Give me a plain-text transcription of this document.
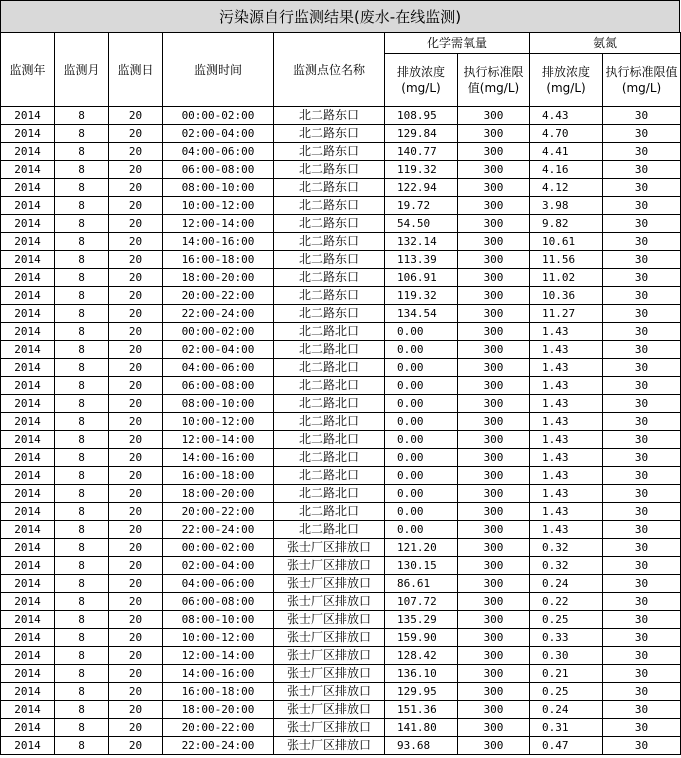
污染源自行监测结果(废水-在线监测)
监测年	监测月	监测日	监测时间	监测点位名称	化学需氧量		氨氮	
					排放浓度(mg/L)	执行标准限值(mg/L)	排放浓度(mg/L)	执行标准限值(mg/L)
2014	8	20	00:00-02:00	北二路东口	108.95	300	4.43	30
2014	8	20	02:00-04:00	北二路东口	129.84	300	4.70	30
2014	8	20	04:00-06:00	北二路东口	140.77	300	4.41	30
2014	8	20	06:00-08:00	北二路东口	119.32	300	4.16	30
2014	8	20	08:00-10:00	北二路东口	122.94	300	4.12	30
2014	8	20	10:00-12:00	北二路东口	19.72	300	3.98	30
2014	8	20	12:00-14:00	北二路东口	54.50	300	9.82	30
2014	8	20	14:00-16:00	北二路东口	132.14	300	10.61	30
2014	8	20	16:00-18:00	北二路东口	113.39	300	11.56	30
2014	8	20	18:00-20:00	北二路东口	106.91	300	11.02	30
2014	8	20	20:00-22:00	北二路东口	119.32	300	10.36	30
2014	8	20	22:00-24:00	北二路东口	134.54	300	11.27	30
2014	8	20	00:00-02:00	北二路北口	0.00	300	1.43	30
2014	8	20	02:00-04:00	北二路北口	0.00	300	1.43	30
2014	8	20	04:00-06:00	北二路北口	0.00	300	1.43	30
2014	8	20	06:00-08:00	北二路北口	0.00	300	1.43	30
2014	8	20	08:00-10:00	北二路北口	0.00	300	1.43	30
2014	8	20	10:00-12:00	北二路北口	0.00	300	1.43	30
2014	8	20	12:00-14:00	北二路北口	0.00	300	1.43	30
2014	8	20	14:00-16:00	北二路北口	0.00	300	1.43	30
2014	8	20	16:00-18:00	北二路北口	0.00	300	1.43	30
2014	8	20	18:00-20:00	北二路北口	0.00	300	1.43	30
2014	8	20	20:00-22:00	北二路北口	0.00	300	1.43	30
2014	8	20	22:00-24:00	北二路北口	0.00	300	1.43	30
2014	8	20	00:00-02:00	张士厂区排放口	121.20	300	0.32	30
2014	8	20	02:00-04:00	张士厂区排放口	130.15	300	0.32	30
2014	8	20	04:00-06:00	张士厂区排放口	86.61	300	0.24	30
2014	8	20	06:00-08:00	张士厂区排放口	107.72	300	0.22	30
2014	8	20	08:00-10:00	张士厂区排放口	135.29	300	0.25	30
2014	8	20	10:00-12:00	张士厂区排放口	159.90	300	0.33	30
2014	8	20	12:00-14:00	张士厂区排放口	128.42	300	0.30	30
2014	8	20	14:00-16:00	张士厂区排放口	136.10	300	0.21	30
2014	8	20	16:00-18:00	张士厂区排放口	129.95	300	0.25	30
2014	8	20	18:00-20:00	张士厂区排放口	151.36	300	0.24	30
2014	8	20	20:00-22:00	张士厂区排放口	141.80	300	0.31	30
2014	8	20	22:00-24:00	张士厂区排放口	93.68	300	0.47	30
